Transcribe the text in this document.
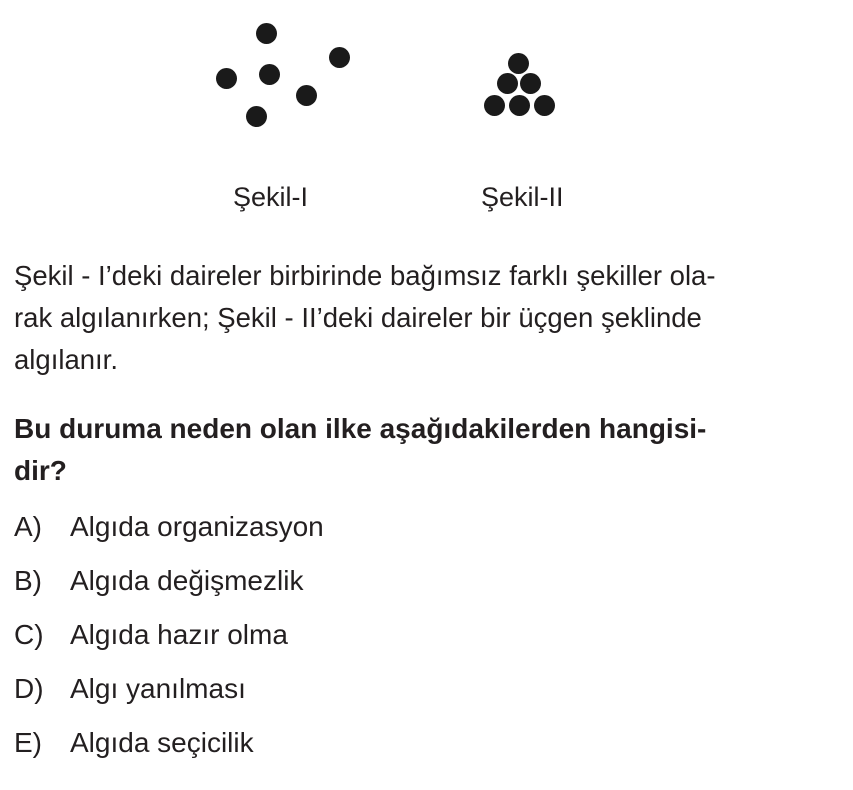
Şekil-I	Şekil-II
Şekil - I’deki daireler birbirinde bağımsız farklı şekiller ola-
rak algılanırken; Şekil - II’deki daireler bir üçgen şeklinde
algılanır.
Bu duruma neden olan ilke aşağıdakilerden hangisi-
dir?
A)	Algıda organizasyon
B)	Algıda değişmezlik
C) Algıda hazır olma
D) Algı yanılması
E)	Algıda seçicilik
